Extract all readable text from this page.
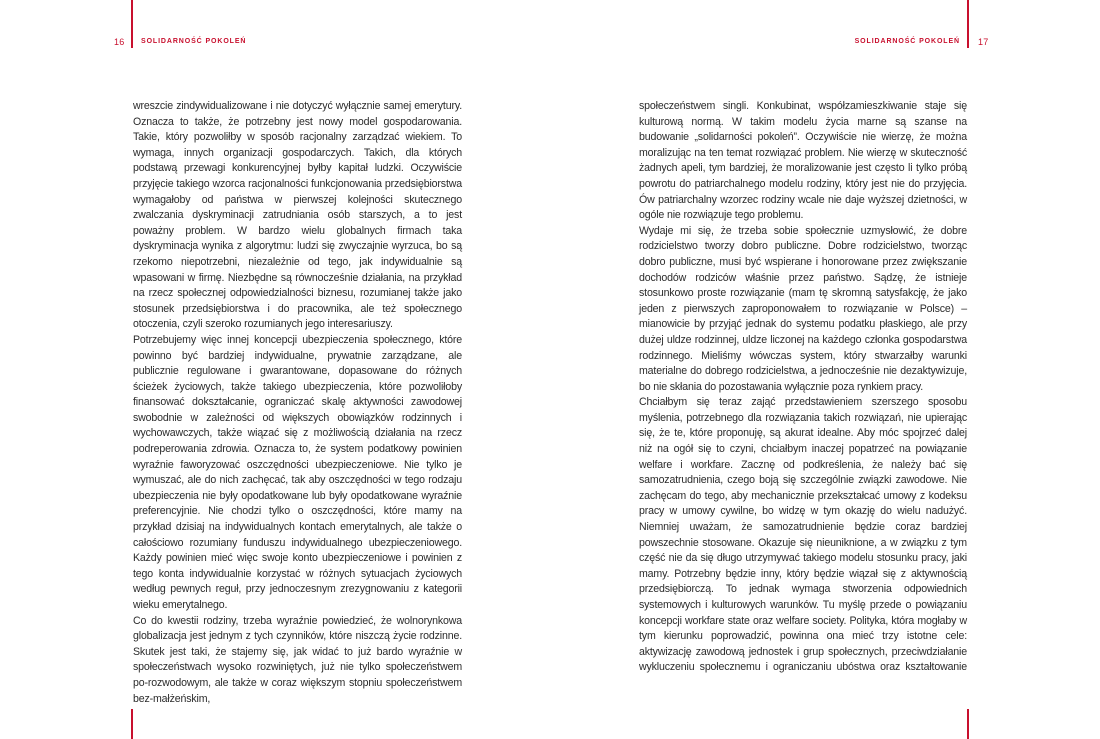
16 SOLIDARNOŚĆ POKOLEŃ	SOLIDARNOŚĆ POKOLEŃ 17

wreszcie zindywidualizowane i nie dotyczyć wyłącznie samej emerytury. Oznacza to także, że potrzebny jest nowy model gospodarowania. Takie, który pozwoliłby w sposób racjonalny zarządzać wiekiem. To wymaga, innych organizacji gospodarczych. Takich, dla których podstawą przewagi konkurencyjnej byłby kapitał ludzki. Oczywiście przyjęcie takiego wzorca racjonalności funkcjonowania przedsiębiorstwa wymagałoby od państwa w pierwszej kolejności skutecznego zwalczania dyskryminacji zatrudniania osób starszych, a to jest poważny problem. W bardzo wielu globalnych firmach taka dyskryminacja wynika z algorytmu: ludzi się zwyczajnie wyrzuca, bo są rzekomo niepotrzebni, niezależnie od tego, jak indywidualnie są wpasowani w firmę. Niezbędne są równocześnie działania, na przykład na rzecz społecznej odpowiedzialności biznesu, rozumianej także jako stosunek przedsiębiorstwa i do pracownika, ale też społecznego otoczenia, czyli szeroko rozumianych jego interesariuszy.

Potrzebujemy więc innej koncepcji ubezpieczenia społecznego, które powinno być bardziej indywidualne, prywatnie zarządzane, ale publicznie regulowane i gwarantowane, dopasowane do różnych ścieżek życiowych, także takiego ubezpieczenia, które pozwoliłoby finansować dokształcanie, ograniczać skalę aktywności zawodowej swobodnie w zależności od większych obowiązków rodzinnych i wychowawczych, także wiązać się z możliwością działania na rzecz podreperowania zdrowia. Oznacza to, że system podatkowy powinien wyraźnie faworyzować oszczędności ubezpieczeniowe. Nie tylko je wymuszać, ale do nich zachęcać, tak aby oszczędności w tego rodzaju ubezpieczenia nie były opodatkowane lub były opodatkowane wyraźnie preferencyjnie. Nie chodzi tylko o oszczędności, które mamy na przykład dzisiaj na indywidualnych kontach emerytalnych, ale także o całościowo rozumiany funduszu indywidualnego ubezpieczeniowego. Każdy powinien mieć więc swoje konto ubezpieczeniowe i powinien z tego konta indywidualnie korzystać w różnych sytuacjach życiowych według pewnych reguł, przy jednoczesnym zrezygnowaniu z kategorii wieku emerytalnego.

Co do kwestii rodziny, trzeba wyraźnie powiedzieć, że wolnorynkowa globalizacja jest jednym z tych czynników, które niszczą życie rodzinne. Skutek jest taki, że stajemy się, jak widać to już bardo wyraźnie w społeczeństwach wysoko rozwiniętych, już nie tylko społeczeństwem po-rozwodowym, ale także w coraz większym stopniu społeczeństwem bez-małżeńskim,

społeczeństwem singli. Konkubinat, współzamieszkiwanie staje się kulturową normą. W takim modelu życia marne są szanse na budowanie „solidarności pokoleń”. Oczywiście nie wierzę, że można moralizując na ten temat rozwiązać problem. Nie wierzę w skuteczność żadnych apeli, tym bardziej, że moralizowanie jest często li tylko próbą powrotu do patriarchalnego modelu rodziny, który jest nie do przyjęcia. Ów patriarchalny wzorzec rodziny wcale nie daje wyższej dzietności, w ogóle nie rozwiązuje tego problemu.

Wydaje mi się, że trzeba sobie społecznie uzmysłowić, że dobre rodzicielstwo tworzy dobro publiczne. Dobre rodzicielstwo, tworząc dobro publiczne, musi być wspierane i honorowane przez zwiększanie dochodów rodziców właśnie przez państwo. Sądzę, że istnieje stosunkowo proste rozwiązanie (mam tę skromną satysfakcję, że jako jeden z pierwszych zaproponowałem to rozwiązanie w Polsce) – mianowicie by przyjąć jednak do systemu podatku płaskiego, ale przy dużej uldze rodzinnej, uldze liczonej na każdego członka gospodarstwa rodzinnego. Mieliśmy wówczas system, który stwarzałby warunki materialne do dobrego rodzicielstwa, a jednocześnie nie dezaktywizuje, bo nie skłania do pozostawania wyłącznie poza rynkiem pracy.

Chciałbym się teraz zająć przedstawieniem szerszego sposobu myślenia, potrzebnego dla rozwiązania takich rozwiązań, nie upierając się, że te, które proponuję, są akurat idealne. Aby móc spojrzeć dalej niż na ogół się to czyni, chciałbym inaczej popatrzeć na powiązanie welfare i workfare. Zacznę od podkreślenia, że należy bać się samozatrudnienia, czego boją się szczególnie związki zawodowe. Nie zachęcam do tego, aby mechanicznie przekształcać umowy z kodeksu pracy w umowy cywilne, bo widzę w tym okazję do wielu nadużyć. Niemniej uważam, że samozatrudnienie będzie coraz bardziej powszechnie stosowane. Okazuje się nieuniknione, a w związku z tym część nie da się długo utrzymywać takiego modelu stosunku pracy, jaki mamy. Potrzebny będzie inny, który będzie wiązał się z aktywnością przedsiębiorczą. To jednak wymaga stworzenia odpowiednich systemowych i kulturowych warunków. Tu myślę przede o powiązaniu koncepcji workfare state oraz welfare society. Polityka, która mogłaby w tym kierunku poprowadzić, powinna ona mieć trzy istotne cele: aktywizację zawodową jednostek i grup społecznych, przeciwdziałanie wykluczeniu społecznemu i ograniczaniu ubóstwa oraz kształtowanie
